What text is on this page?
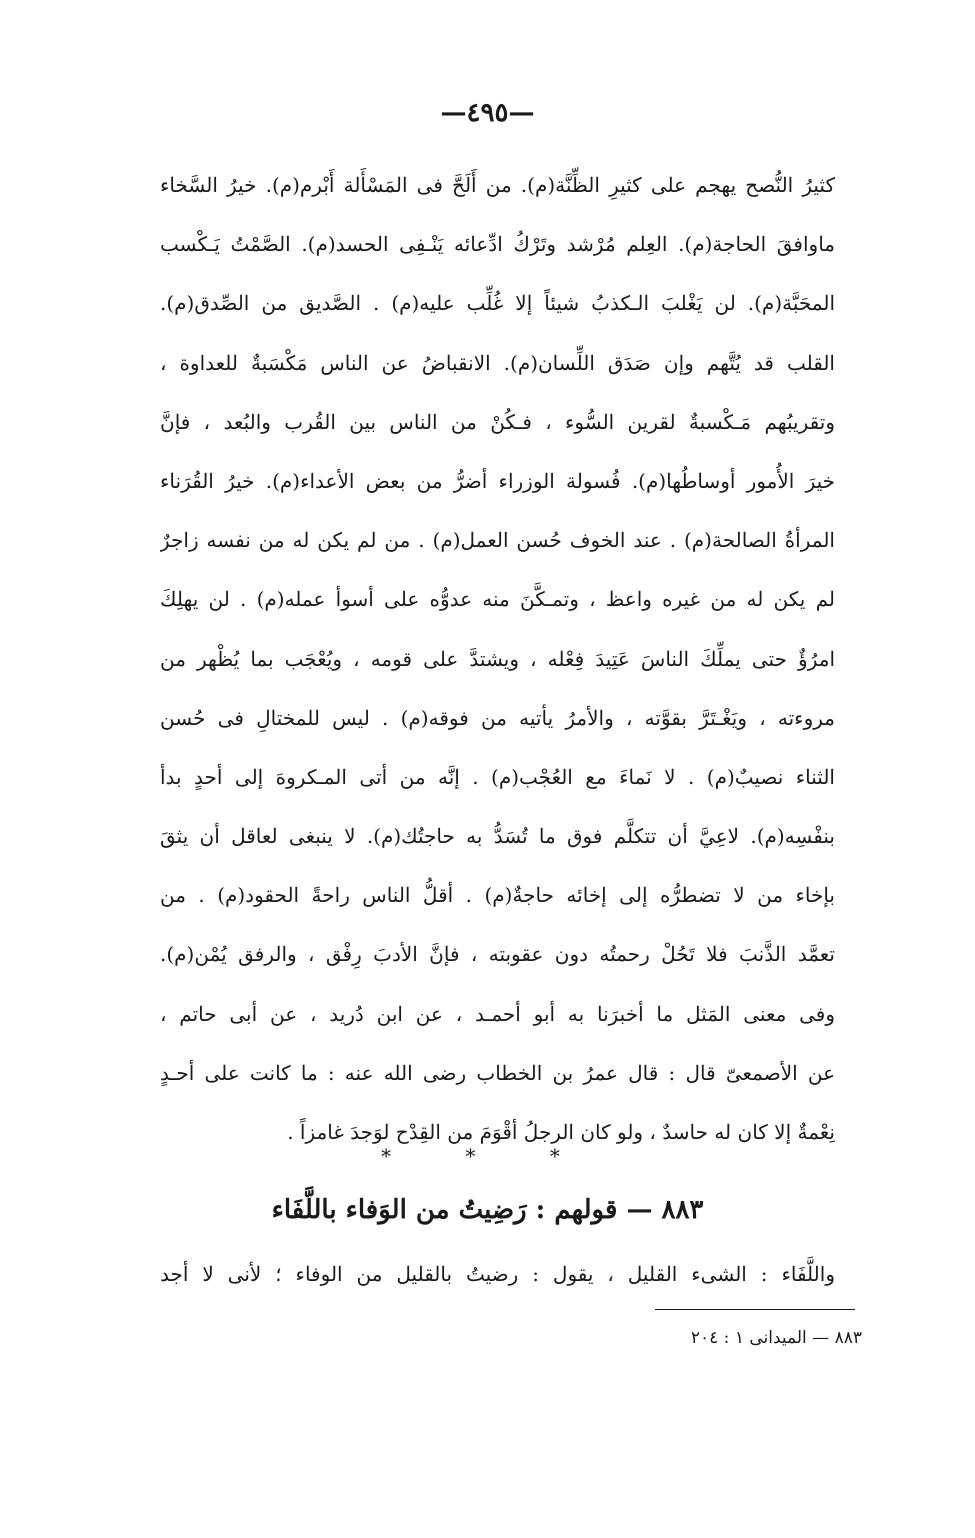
—٤٩٥—
كثيرُ النُّصح يهجم على كثيرِ الظِّنَّة(م). من أَلَحَّ فى المَسْأَلة أَبْرم(م). خيرُ السَّخاء
ماوافقَ الحاجة(م). العِلم مُرْشد وتَرْكُ ادِّعائه يَنْـفِى الحسد(م). الصَّمْتُ يَـكْسب
المحَبَّة(م). لن يَغْلبَ الـكذبُ شيئاً إلا غُلِّب عليه(م) . الصَّديق من الصِّدق(م).
القلب قد يُتَّهم وإن صَدَق اللِّسان(م). الانقباضُ عن الناس مَكْسَبةٌ للعداوة ،
وتقريبُهم مَـكْسبةٌ لقرين السُّوء ، فـكُنْ من الناس بين القُرب والبُعد ، فإنَّ
خيرَ الأُمور أوساطُها(م). فُسولة الوزراء أضرُّ من بعض الأعداء(م). خيرُ القُرَناء
المرأةُ الصالحة(م) . عند الخوف حُسن العمل(م) . من لم يكن له من نفسه زاجرٌ
لم يكن له من غيره واعظ ، وتمـكَّنَ منه عدوُّه على أسوأ عمله(م) . لن يهلِكَ
امرُؤٌ حتى يملِّكَ الناسَ عَتِيدَ فِعْله ، ويشتدَّ على قومه ، ويُعْجَب بما يُظْهر من
مروءته ، ويَغْـتَرَّ بقوَّته ، والأمرُ يأتيه من فوقه(م) . ليس للمختالِ فى حُسن
الثناء نصيبٌ(م) . لا نَماءَ مع العُجْب(م) . إنَّه من أتى المـكروهَ إلى أحدٍ بدأ
بنفْسِه(م). لاعِيَّ أن تتكلَّم فوق ما تُسَدُّ به حاجتُك(م). لا ينبغى لعاقل أن يثقَ
بإخاء من لا تضطرُّه إلى إخائه حاجةٌ(م) . أقلُّ الناس راحةً الحقود(م) . من
تعمَّد الذَّنبَ فلا تَحُلْ رحمتُه دون عقوبته ، فإنَّ الأدبَ رِفْق ، والرفق يُمْن(م).
وفى معنى المَثل ما أخبرَنا به أبو أحمـد ، عن ابن دُريد ، عن أبى حاتم ،
عن الأصمعىّ قال : قال عمرُ بن الخطاب رضى الله عنه : ما كانت على أحـدٍ
نِعْمةٌ إلا كان له حاسدٌ ، ولو كان الرجلُ أقْوَمَ من القِدْح لوَجدَ غامزاً .
* * *
٨٨٣ — قولهم : رَضِيتُ من الوَفاء باللَّفَاء
واللَّفَاء : الشىء القليل ، يقول : رضيتُ بالقليل من الوفاء ؛ لأنى لا أجد
٨٨٣ — الميدانى ١ : ٢٠٤
